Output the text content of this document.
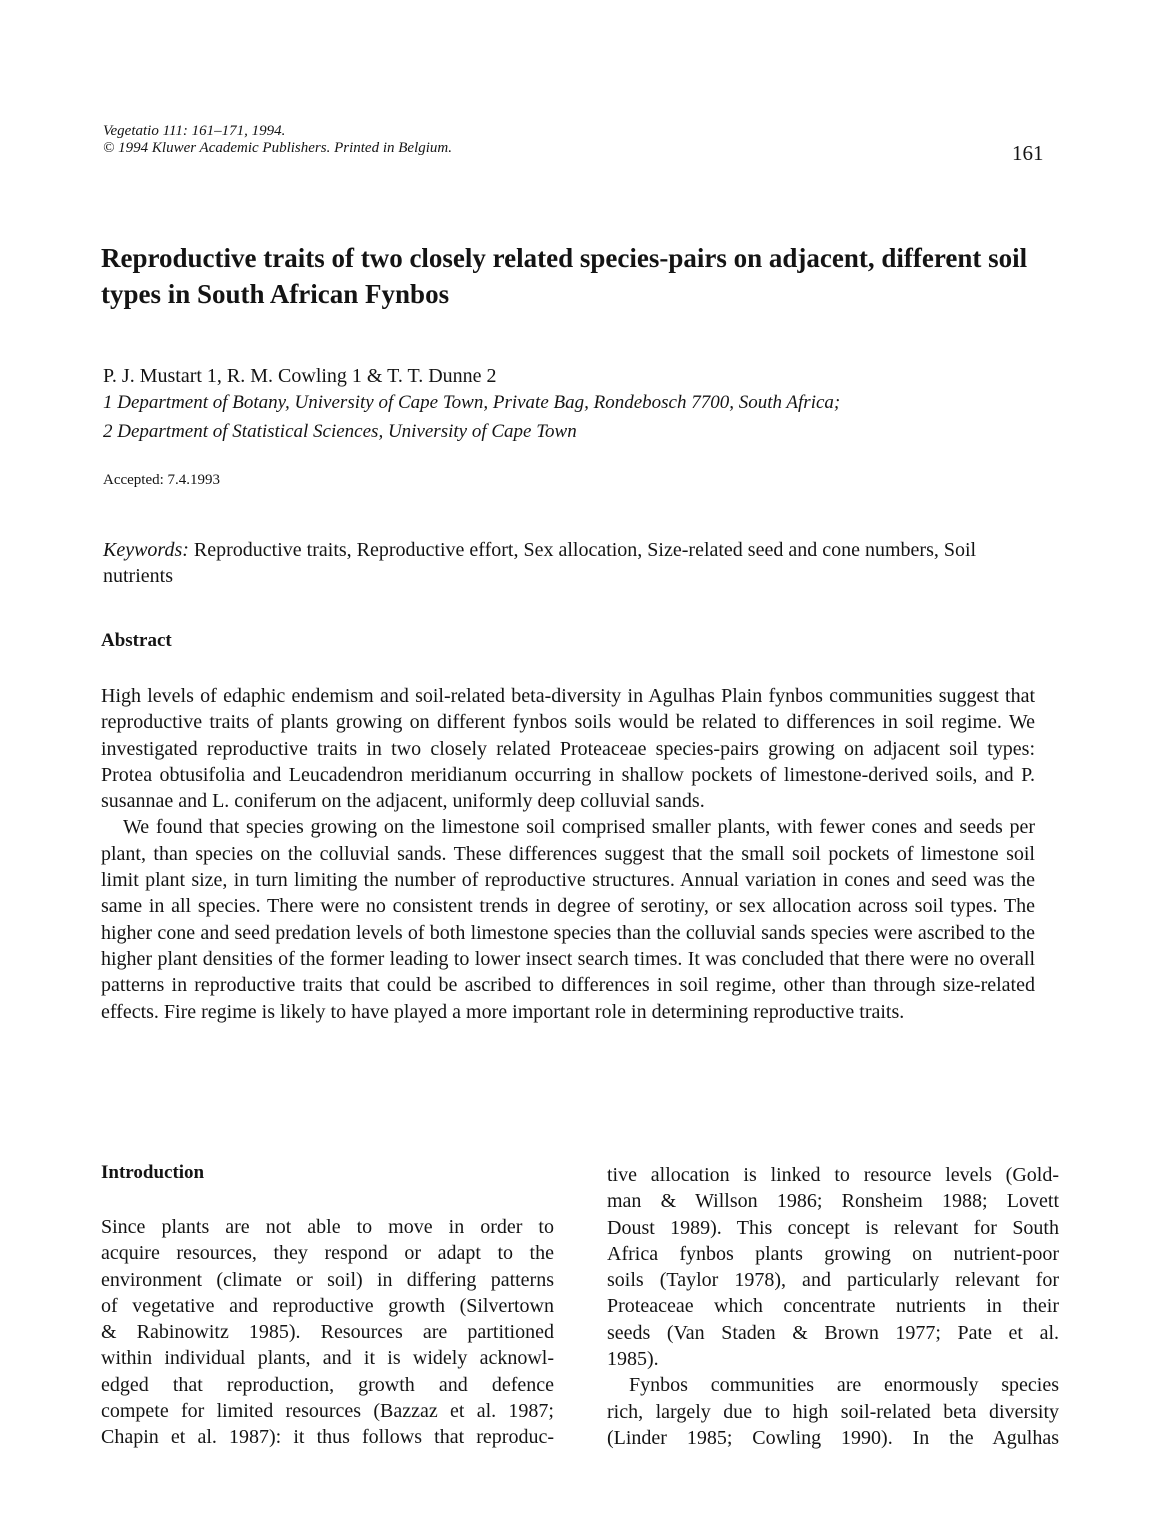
Vegetatio 111: 161–171, 1994.
© 1994 Kluwer Academic Publishers. Printed in Belgium.	161
Reproductive traits of two closely related species-pairs on adjacent, different soil types in South African Fynbos
P. J. Mustart 1, R. M. Cowling 1 & T. T. Dunne 2
1 Department of Botany, University of Cape Town, Private Bag, Rondebosch 7700, South Africa;
2 Department of Statistical Sciences, University of Cape Town
Accepted: 7.4.1993
Keywords: Reproductive traits, Reproductive effort, Sex allocation, Size-related seed and cone numbers, Soil nutrients
Abstract

High levels of edaphic endemism and soil-related beta-diversity in Agulhas Plain fynbos communities suggest that reproductive traits of plants growing on different fynbos soils would be related to differences in soil regime. We investigated reproductive traits in two closely related Proteaceae species-pairs growing on adjacent soil types: Protea obtusifolia and Leucadendron meridianum occurring in shallow pockets of limestone-derived soils, and P. susannae and L. coniferum on the adjacent, uniformly deep colluvial sands.

We found that species growing on the limestone soil comprised smaller plants, with fewer cones and seeds per plant, than species on the colluvial sands. These differences suggest that the small soil pockets of limestone soil limit plant size, in turn limiting the number of reproductive structures. Annual variation in cones and seed was the same in all species. There were no consistent trends in degree of serotiny, or sex allocation across soil types. The higher cone and seed predation levels of both limestone species than the colluvial sands species were ascribed to the higher plant densities of the former leading to lower insect search times. It was concluded that there were no overall patterns in reproductive traits that could be ascribed to differences in soil regime, other than through size-related effects. Fire regime is likely to have played a more important role in determining reproductive traits.

Introduction
Since plants are not able to move in order to
acquire resources, they respond or adapt to the
environment (climate or soil) in differing patterns
of vegetative and reproductive growth (Silvertown
& Rabinowitz 1985). Resources are partitioned
within individual plants, and it is widely acknowl-
edged that reproduction, growth and defence
compete for limited resources (Bazzaz et al. 1987;
Chapin et al. 1987): it thus follows that reproduc-
tive allocation is linked to resource levels (Gold-
man & Willson 1986; Ronsheim 1988; Lovett
Doust 1989). This concept is relevant for South
Africa fynbos plants growing on nutrient-poor
soils (Taylor 1978), and particularly relevant for
Proteaceae which concentrate nutrients in their
seeds (Van Staden & Brown 1977; Pate et al.
1985).
Fynbos communities are enormously species
rich, largely due to high soil-related beta diversity
(Linder 1985; Cowling 1990). In the Agulhas
